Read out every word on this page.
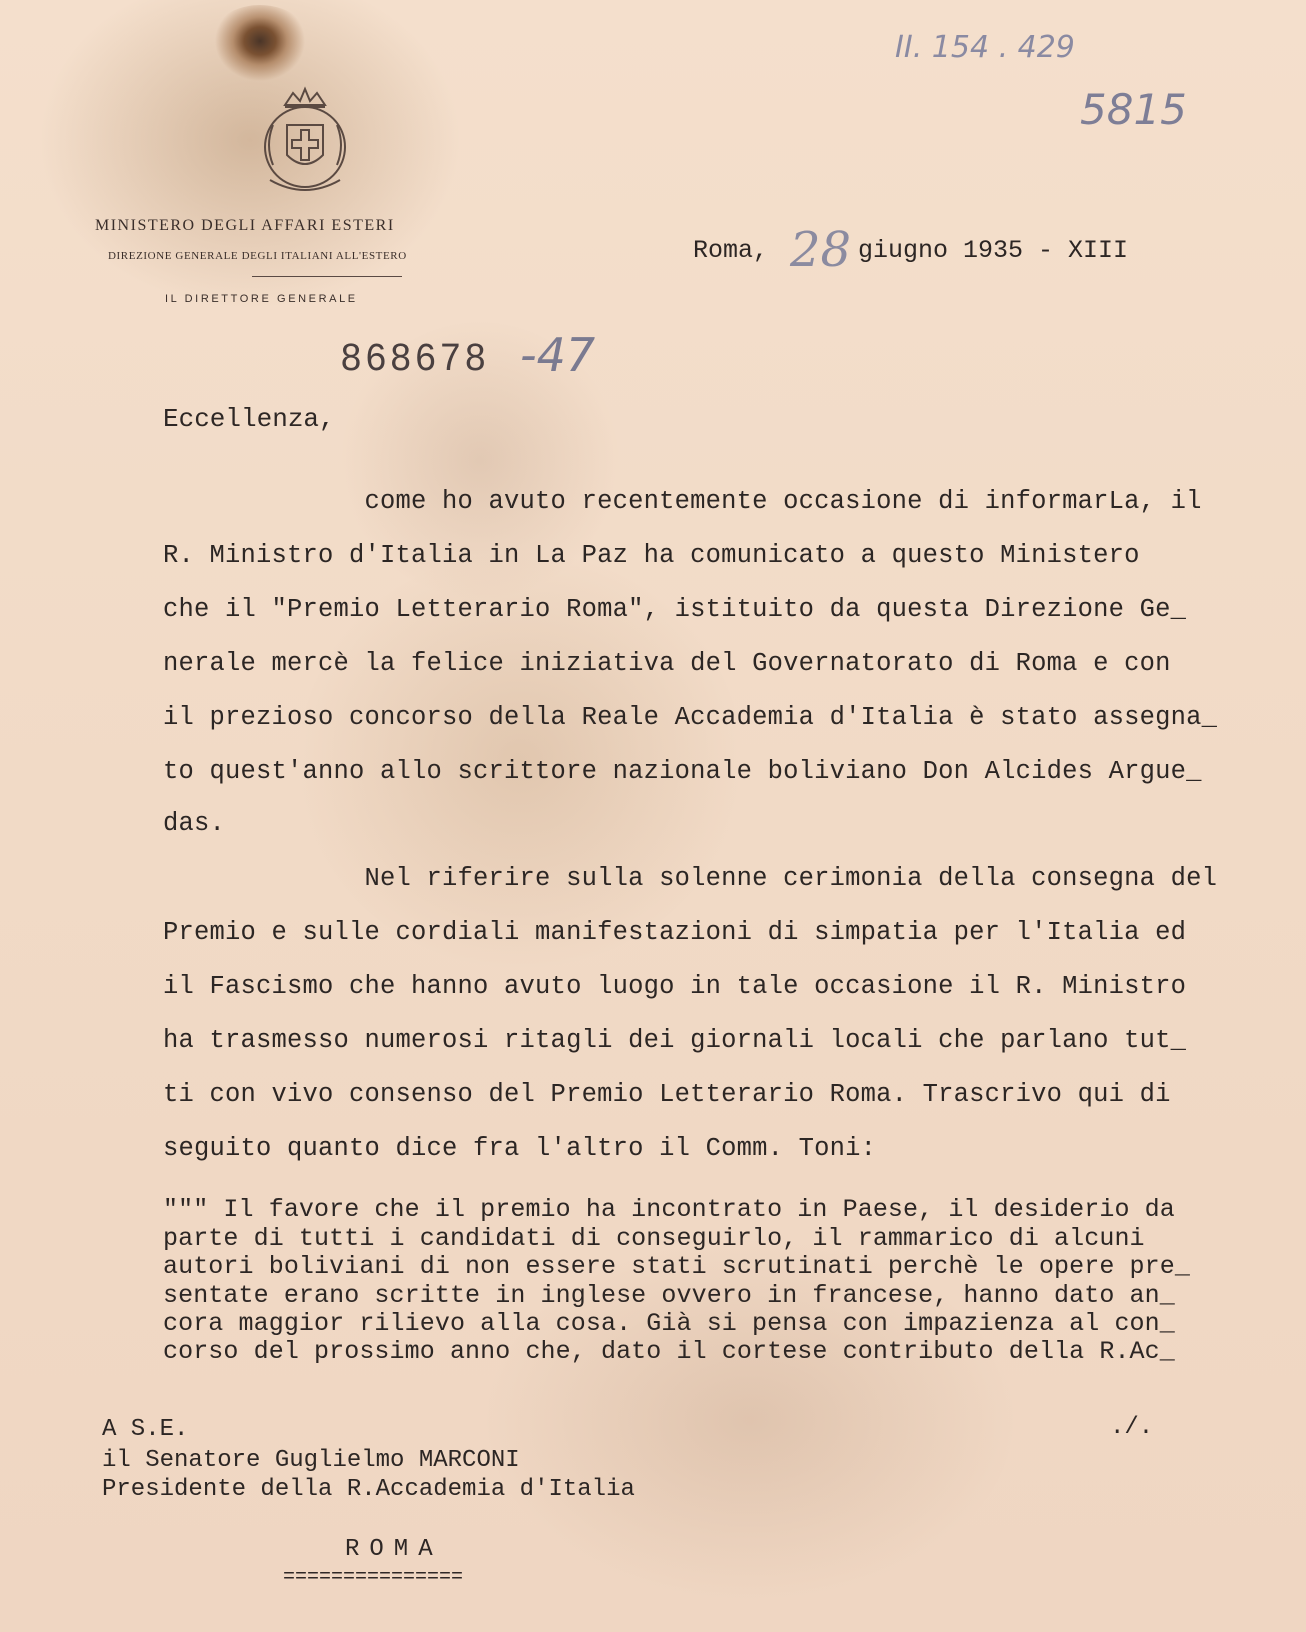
MINISTERO DEGLI AFFARI ESTERI
DIREZIONE GENERALE DEGLI ITALIANI ALL'ESTERO
IL DIRETTORE GENERALE
II. 154 . 429
5815
Roma,	giugno 1935 - XIII
28
868678 -47
Eccellenza,
come ho avuto recentemente occasione di informarLa, il
R. Ministro d'Italia in La Paz ha comunicato a questo Ministero
che il "Premio Letterario Roma", istituito da questa Direzione Ge_
nerale mercè la felice iniziativa del Governatorato di Roma e con
il prezioso concorso della Reale Accademia d'Italia è stato assegna_
to quest'anno allo scrittore nazionale boliviano Don Alcides Argue_
das.
Nel riferire sulla solenne cerimonia della consegna del
Premio e sulle cordiali manifestazioni di simpatia per l'Italia ed
il Fascismo che hanno avuto luogo in tale occasione il R. Ministro
ha trasmesso numerosi ritagli dei giornali locali che parlano tut_
ti con vivo consenso del Premio Letterario Roma. Trascrivo qui di
seguito quanto dice fra l'altro il Comm. Toni:
""" Il favore che il premio ha incontrato in Paese, il desiderio da
parte di tutti i candidati di conseguirlo, il rammarico di alcuni
autori boliviani di non essere stati scrutinati perchè le opere pre_
sentate erano scritte in inglese ovvero in francese, hanno dato an_
cora maggior rilievo alla cosa. Già si pensa con impazienza al con_
corso del prossimo anno che, dato il cortese contributo della R.Ac_
./.
A S.E.
il Senatore Guglielmo MARCONI
Presidente della R.Accademia d'Italia
ROMA
===============
